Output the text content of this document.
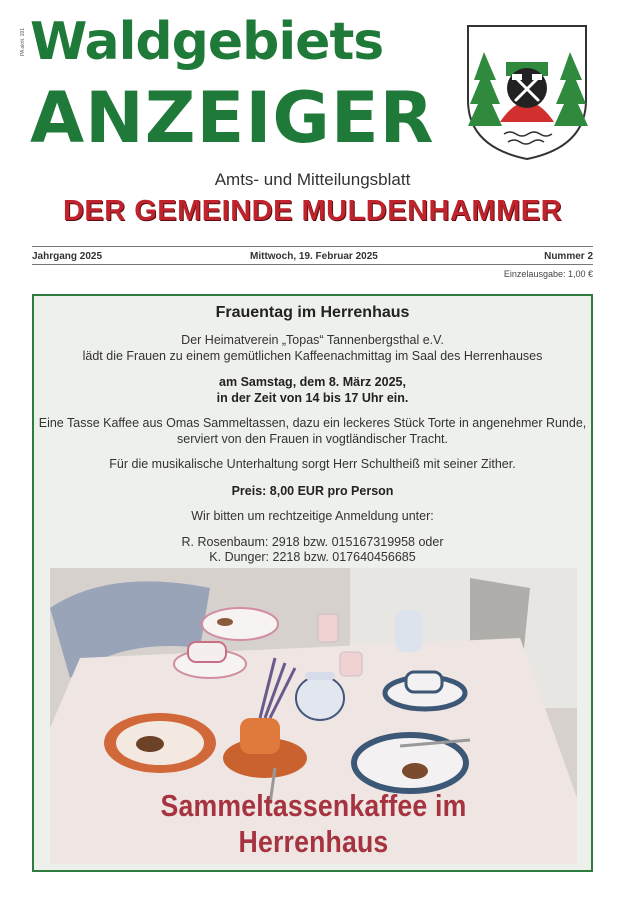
PA akrit. 191 Waldgebiets
ANZEIGER
Amts- und Mitteilungsblatt
DER GEMEINDE MULDENHAMMER
Jahrgang 2025	Mittwoch, 19. Februar 2025	Nummer 2
Einzelausgabe: 1,00 €
Frauentag im Herrenhaus
Der Heimatverein „Topas“ Tannenbergsthal e.V.
lädt die Frauen zu einem gemütlichen Kaffeenachmittag im Saal des Herrenhauses
am Samstag, dem 8. März 2025,
in der Zeit von 14 bis 17 Uhr ein.
Eine Tasse Kaffee aus Omas Sammeltassen, dazu ein leckeres Stück Torte in angenehmer Runde,
serviert von den Frauen in vogtländischer Tracht.
Für die musikalische Unterhaltung sorgt Herr Schultheiß mit seiner Zither.
Preis: 8,00 EUR pro Person
Wir bitten um rechtzeitige Anmeldung unter:
R. Rosenbaum: 2918 bzw. 015167319958 oder
K. Dunger: 2218 bzw. 017640456685
Sammeltassenkaffee im Herrenhaus
